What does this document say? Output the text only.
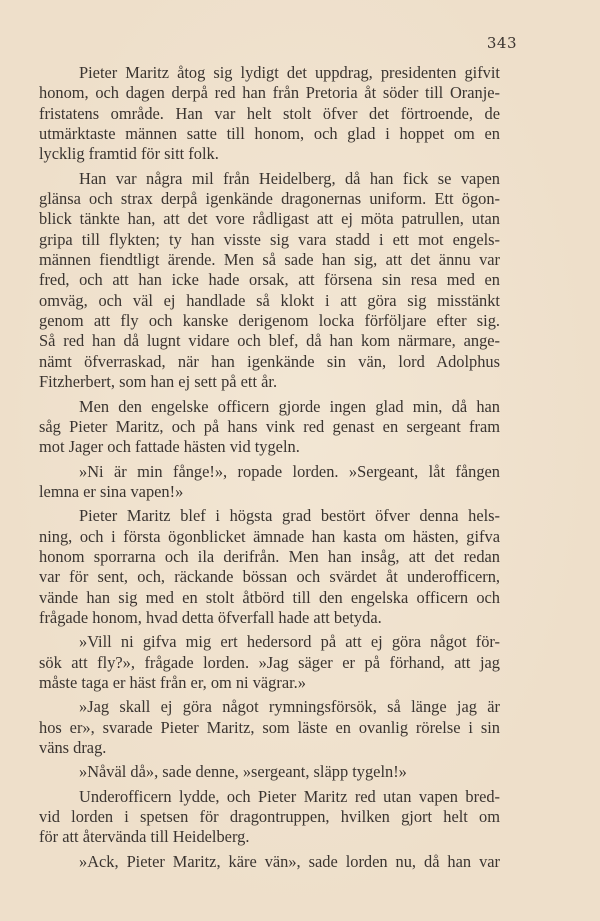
343

Pieter Maritz åtog sig lydigt det uppdrag, presidenten gifvit
honom, och dagen derpå red han från Pretoria åt söder till Oranje-
fristatens område. Han var helt stolt öfver det förtroende, de
utmärktaste männen satte till honom, och glad i hoppet om en
lycklig framtid för sitt folk.

Han var några mil från Heidelberg, då han fick se vapen
glänsa och strax derpå igenkände dragonernas uniform. Ett ögon-
blick tänkte han, att det vore rådligast att ej möta patrullen, utan
gripa till flykten; ty han visste sig vara stadd i ett mot engels-
männen fiendtligt ärende. Men så sade han sig, att det ännu var
fred, och att han icke hade orsak, att försena sin resa med en
omväg, och väl ej handlade så klokt i att göra sig misstänkt
genom att fly och kanske derigenom locka förföljare efter sig.
Så red han då lugnt vidare och blef, då han kom närmare, ange-
nämt öfverraskad, när han igenkände sin vän, lord Adolphus
Fitzherbert, som han ej sett på ett år.

Men den engelske officern gjorde ingen glad min, då han
såg Pieter Maritz, och på hans vink red genast en sergeant fram
mot Jager och fattade hästen vid tygeln.

»Ni är min fånge!», ropade lorden. »Sergeant, låt fången
lemna er sina vapen!»

Pieter Maritz blef i högsta grad bestört öfver denna hels-
ning, och i första ögonblicket ämnade han kasta om hästen, gifva
honom sporrarna och ila derifrån. Men han insåg, att det redan
var för sent, och, räckande bössan och svärdet åt underofficern,
vände han sig med en stolt åtbörd till den engelska officern och
frågade honom, hvad detta öfverfall hade att betyda.

»Vill ni gifva mig ert hedersord på att ej göra något för-
sök att fly?», frågade lorden. »Jag säger er på förhand, att jag
måste taga er häst från er, om ni vägrar.»

»Jag skall ej göra något rymningsförsök, så länge jag är
hos er», svarade Pieter Maritz, som läste en ovanlig rörelse i sin
väns drag.

»Nåväl då», sade denne, »sergeant, släpp tygeln!»

Underofficern lydde, och Pieter Maritz red utan vapen bred-
vid lorden i spetsen för dragontruppen, hvilken gjort helt om
för att återvända till Heidelberg.

»Ack, Pieter Maritz, käre vän», sade lorden nu, då han var
